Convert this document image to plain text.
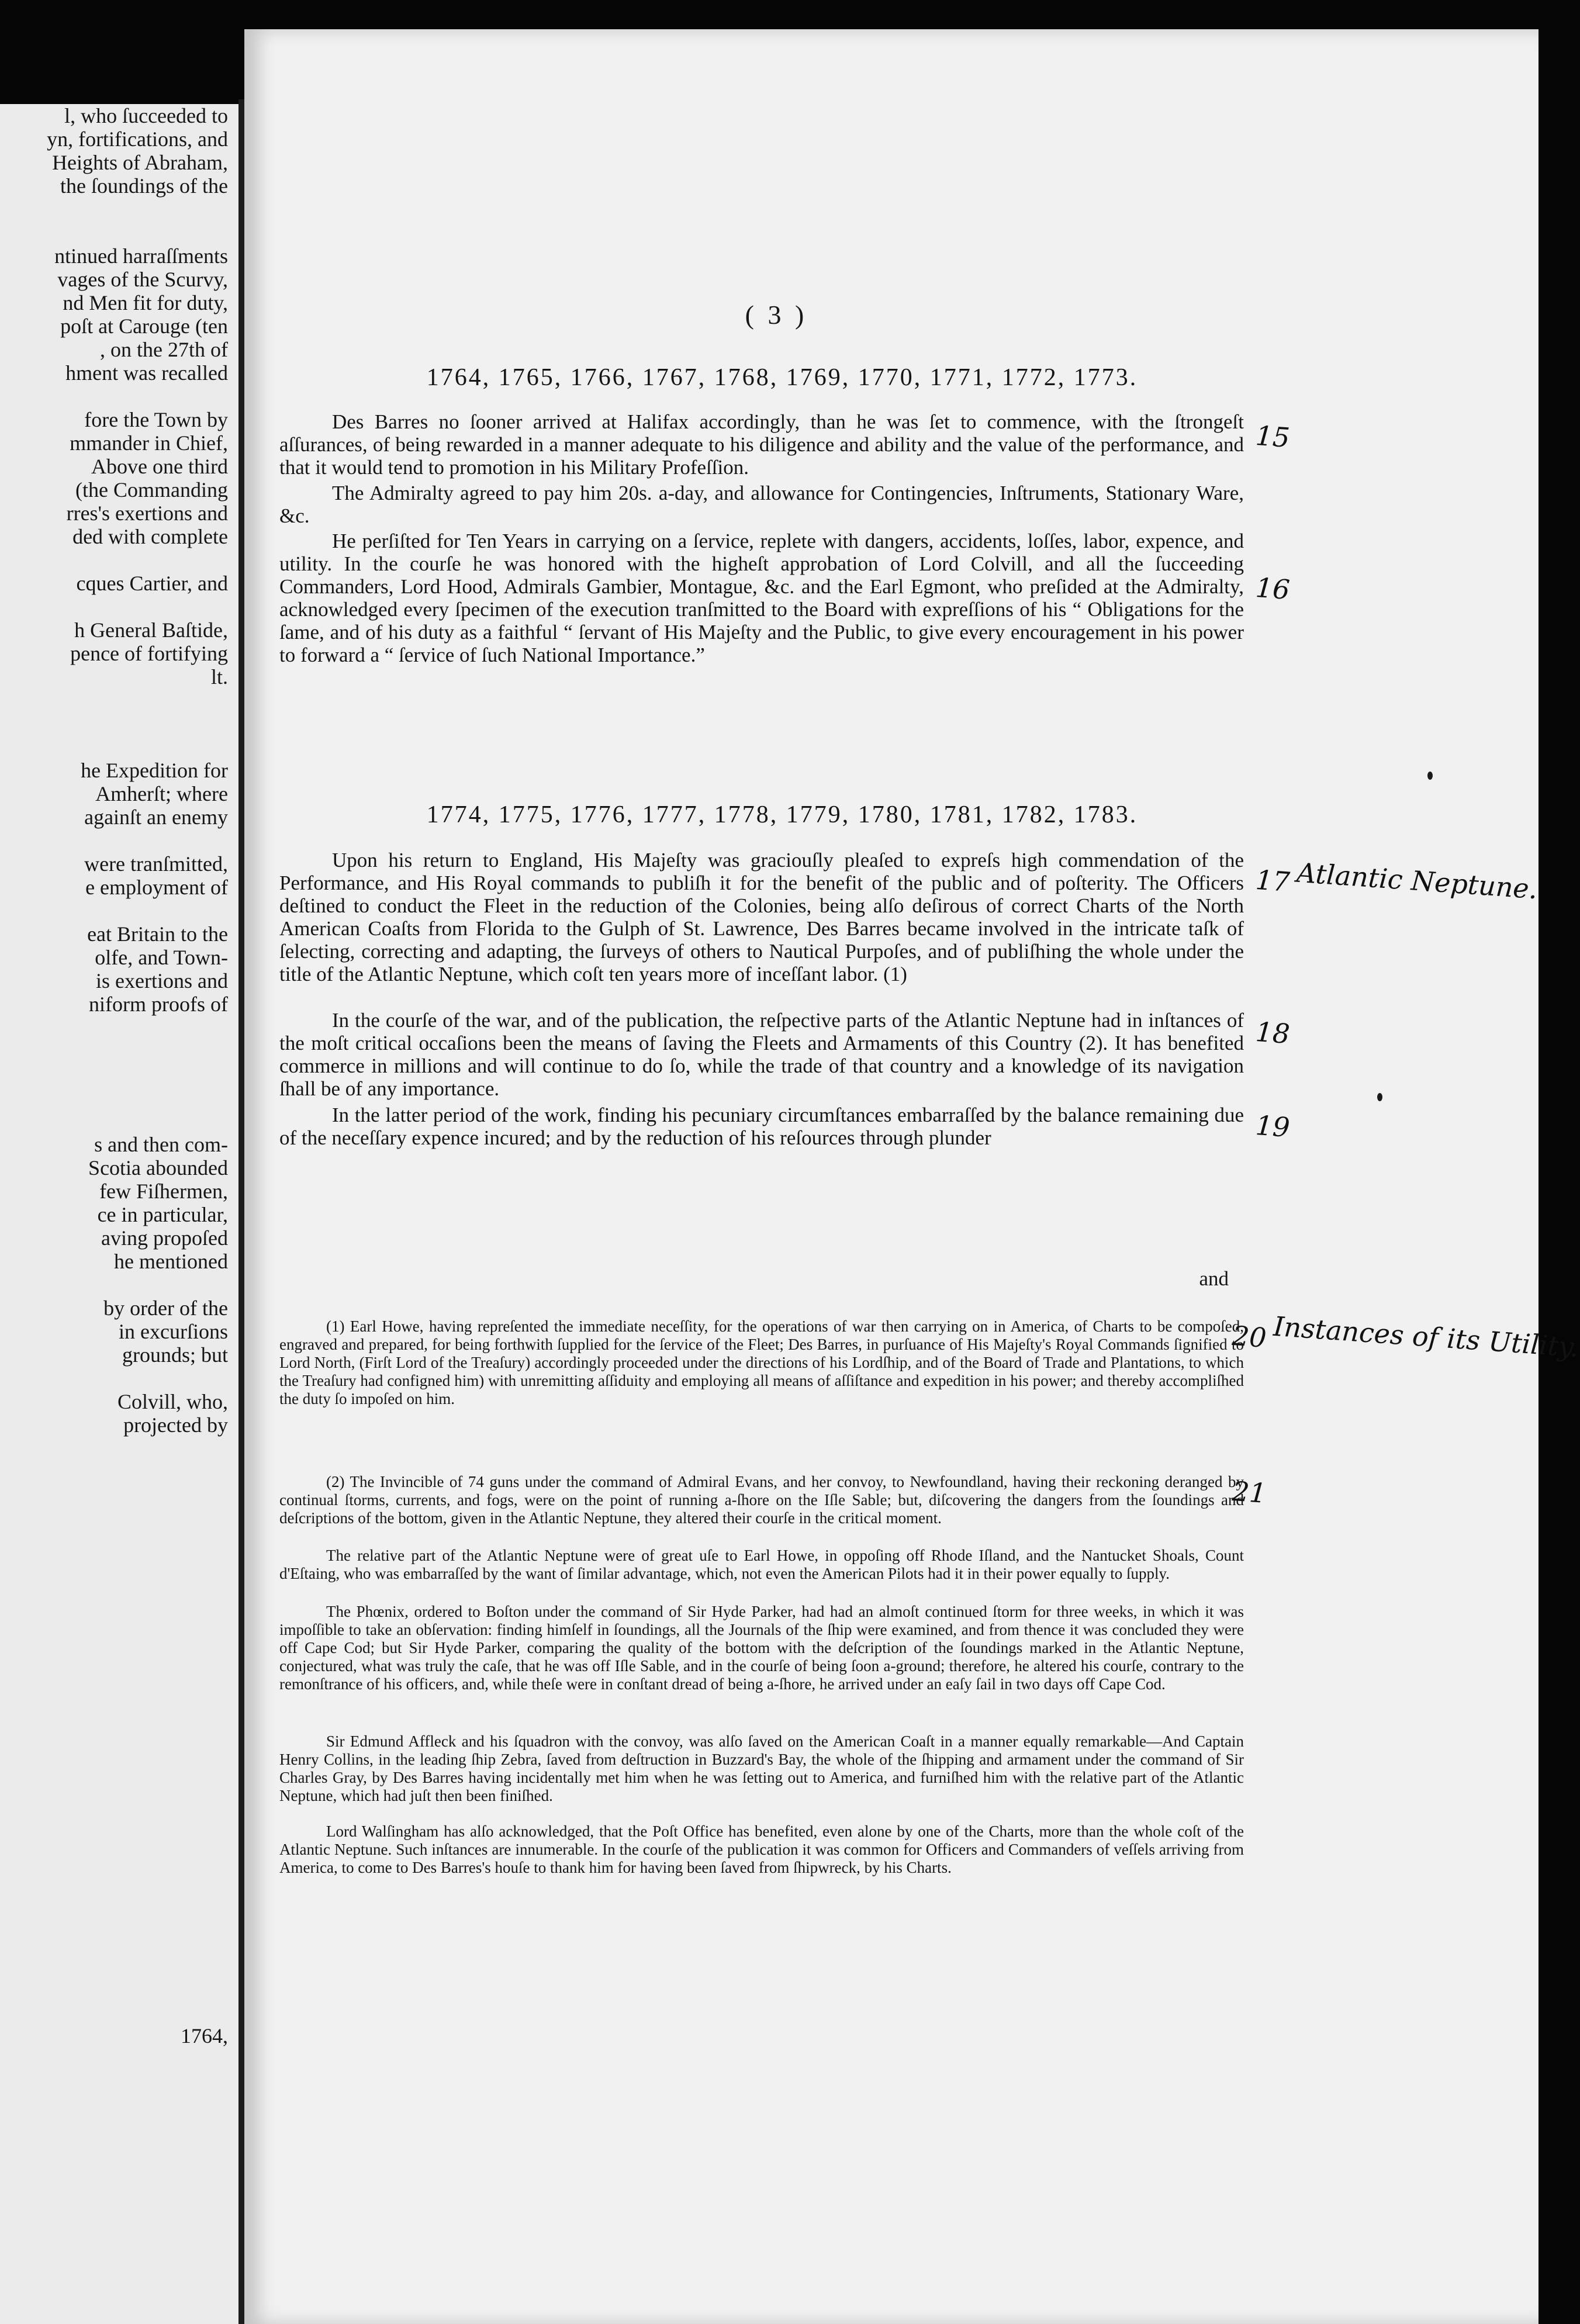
l, who ſucceeded to
yn, fortifications, and
Heights of Abraham,
the ſoundings of the

ntinued harraſſments
vages of the Scurvy,
nd Men fit for duty,
poſt at Carouge (ten
, on the 27th of
hment was recalled

fore the Town by
mmander in Chief,
Above one third
(the Commanding
rres's exertions and
ded with complete

cques Cartier, and

h General Baſtide,
pence of fortifying
lt.

he Expedition for
Amherſt; where
againſt an enemy

were tranſmitted,
e employment of

eat Britain to the
olfe, and Town-
is exertions and
niform proofs of

s and then com-
Scotia abounded
few Fiſhermen,
ce in particular,
aving propoſed
he mentioned

by order of the
in excurſions
grounds; but

Colvill, who,
projected by
1764,
( 3 )
1764, 1765, 1766, 1767, 1768, 1769, 1770, 1771, 1772, 1773.

Des Barres no ſooner arrived at Halifax accordingly, than he was ſet to commence, with the ſtrongeſt aſſurances, of being rewarded in a manner adequate to his diligence and ability and the value of the performance, and that it would tend to promotion in his Military Profeſſion.

The Admiralty agreed to pay him 20s. a-day, and allowance for Contingencies, Inſtruments, Stationary Ware, &c.

He perſiſted for Ten Years in carrying on a ſervice, replete with dangers, accidents, loſſes, labor, expence, and utility. In the courſe he was honored with the higheſt approbation of Lord Colvill, and all the ſucceeding Commanders, Lord Hood, Admirals Gambier, Montague, &c. and the Earl Egmont, who preſided at the Admiralty, acknowledged every ſpecimen of the execution tranſmitted to the Board with expreſſions of his “ Obligations for the ſame, and of his duty as a faithful “ ſervant of His Majeſty and the Public, to give every encouragement in his power to forward a “ ſervice of ſuch National Importance.”

1774, 1775, 1776, 1777, 1778, 1779, 1780, 1781, 1782, 1783.

Upon his return to England, His Majeſty was graciouſly pleaſed to expreſs high commendation of the Performance, and His Royal commands to publiſh it for the benefit of the public and of poſterity. The Officers deſtined to conduct the Fleet in the reduction of the Colonies, being alſo deſirous of correct Charts of the North American Coaſts from Florida to the Gulph of St. Lawrence, Des Barres became involved in the intricate taſk of ſelecting, correcting and adapting, the ſurveys of others to Nautical Purpoſes, and of publiſhing the whole under the title of the Atlantic Neptune, which coſt ten years more of inceſſant labor. (1)

In the courſe of the war, and of the publication, the reſpective parts of the Atlantic Neptune had in inſtances of the moſt critical occaſions been the means of ſaving the Fleets and Armaments of this Country (2). It has benefited commerce in millions and will continue to do ſo, while the trade of that country and a knowledge of its navigation ſhall be of any importance.

In the latter period of the work, finding his pecuniary circumſtances embarraſſed by the balance remaining due of the neceſſary expence incured; and by the reduction of his reſources through plunder

and

(1) Earl Howe, having repreſented the immediate neceſſity, for the operations of war then carrying on in America, of Charts to be compoſed, engraved and prepared, for being forthwith ſupplied for the ſervice of the Fleet; Des Barres, in purſuance of His Majeſty's Royal Commands ſignified to Lord North, (Firſt Lord of the Treaſury) accordingly proceeded under the directions of his Lordſhip, and of the Board of Trade and Plantations, to which the Treaſury had configned him) with unremitting aſſiduity and employing all means of aſſiſtance and expedition in his power; and thereby accompliſhed the duty ſo impoſed on him.

(2) The Invincible of 74 guns under the command of Admiral Evans, and her convoy, to Newfoundland, having their reckoning deranged by continual ſtorms, currents, and fogs, were on the point of running a-ſhore on the Iſle Sable; but, diſcovering the dangers from the ſoundings and deſcriptions of the bottom, given in the Atlantic Neptune, they altered their courſe in the critical moment.

The relative part of the Atlantic Neptune were of great uſe to Earl Howe, in oppoſing off Rhode Iſland, and the Nantucket Shoals, Count d'Eſtaing, who was embarraſſed by the want of ſimilar advantage, which, not even the American Pilots had it in their power equally to ſupply.

The Phœnix, ordered to Boſton under the command of Sir Hyde Parker, had had an almoſt continued ſtorm for three weeks, in which it was impoſſible to take an obſervation: finding himſelf in ſoundings, all the Journals of the ſhip were examined, and from thence it was concluded they were off Cape Cod; but Sir Hyde Parker, comparing the quality of the bottom with the deſcription of the ſoundings marked in the Atlantic Neptune, conjectured, what was truly the caſe, that he was off Iſle Sable, and in the courſe of being ſoon a-ground; therefore, he altered his courſe, contrary to the remonſtrance of his officers, and, while theſe were in conſtant dread of being a-ſhore, he arrived under an eaſy ſail in two days off Cape Cod.

Sir Edmund Affleck and his ſquadron with the convoy, was alſo ſaved on the American Coaſt in a manner equally remarkable—And Captain Henry Collins, in the leading ſhip Zebra, ſaved from deſtruction in Buzzard's Bay, the whole of the ſhipping and armament under the command of Sir Charles Gray, by Des Barres having incidentally met him when he was ſetting out to America, and furniſhed him with the relative part of the Atlantic Neptune, which had juſt then been finiſhed.

Lord Walſingham has alſo acknowledged, that the Poſt Office has benefited, even alone by one of the Charts, more than the whole coſt of the Atlantic Neptune. Such inſtances are innumerable. In the courſe of the publication it was common for Officers and Commanders of veſſels arriving from America, to come to Des Barres's houſe to thank him for having been ſaved from ſhipwreck, by his Charts.

15
16
17 Atlantic Neptune.
18
19
20 Instances of its Utility.
21
